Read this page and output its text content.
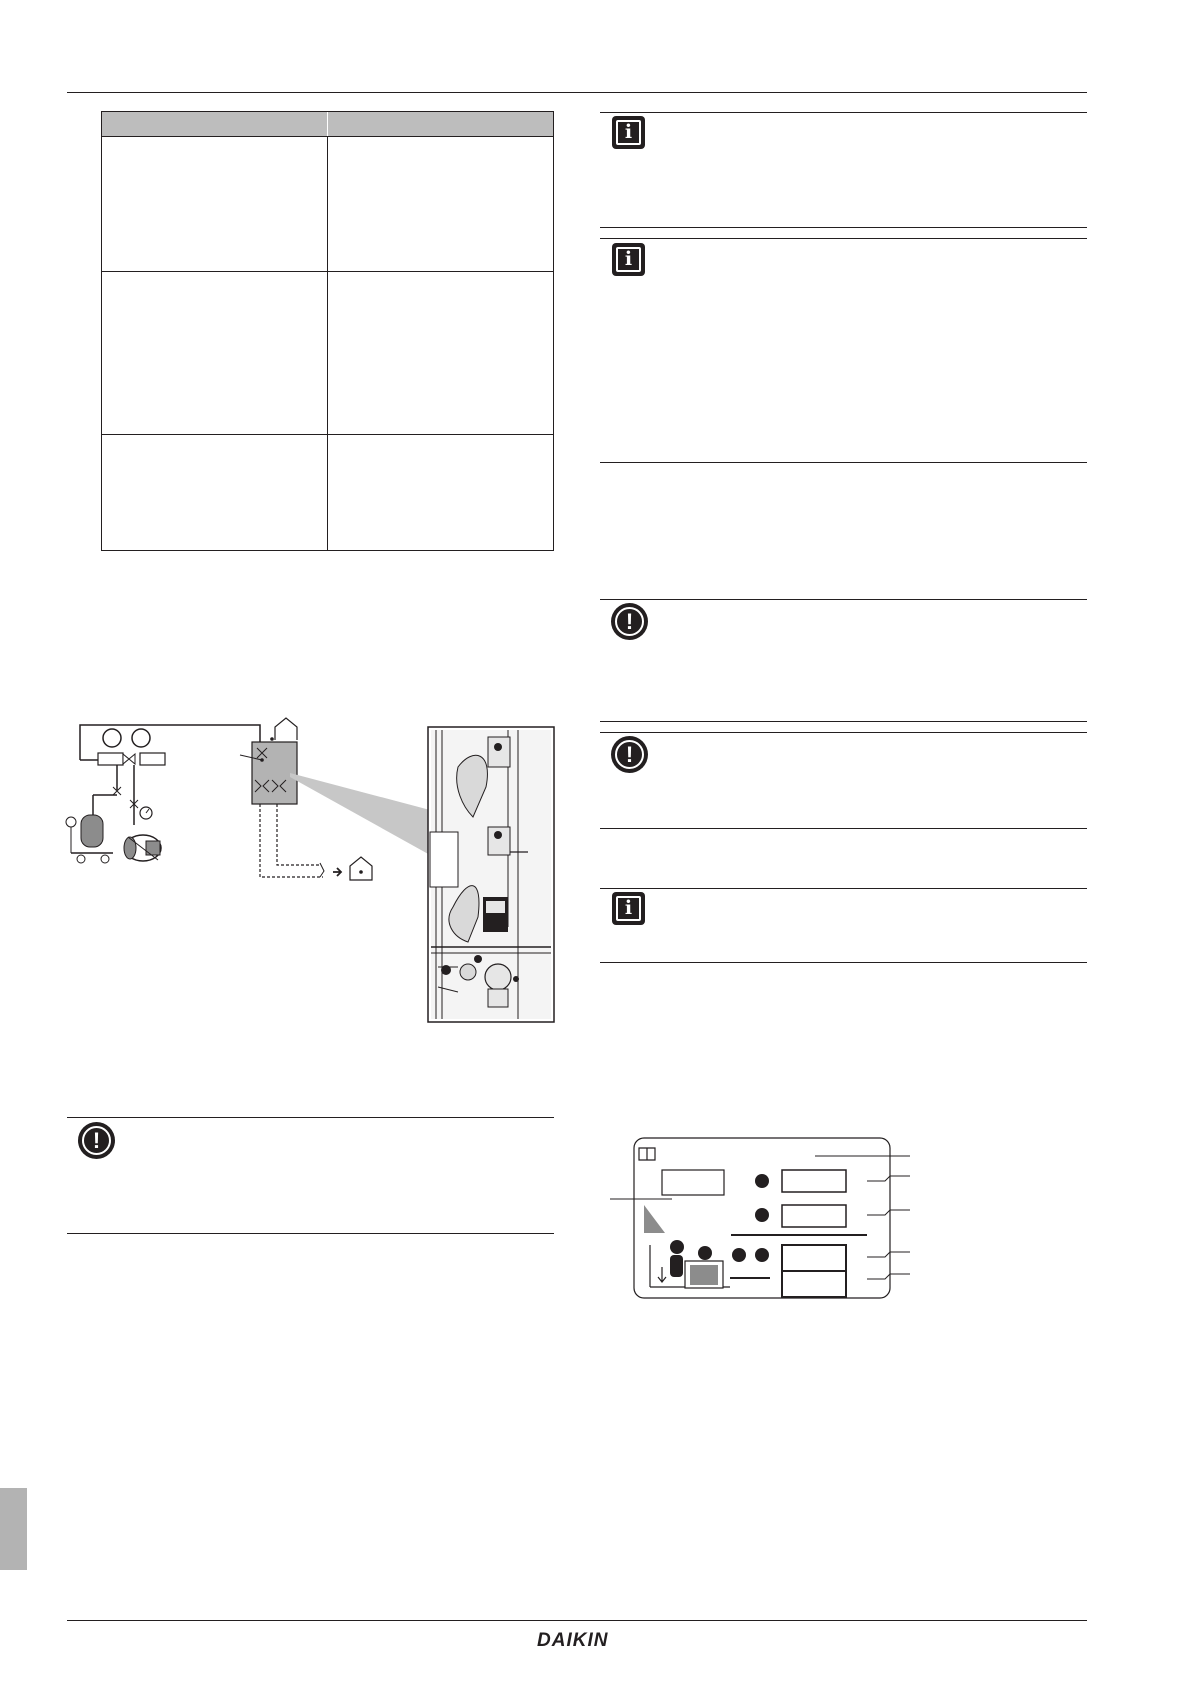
!
i
i
!
!
i
DAIKIN
